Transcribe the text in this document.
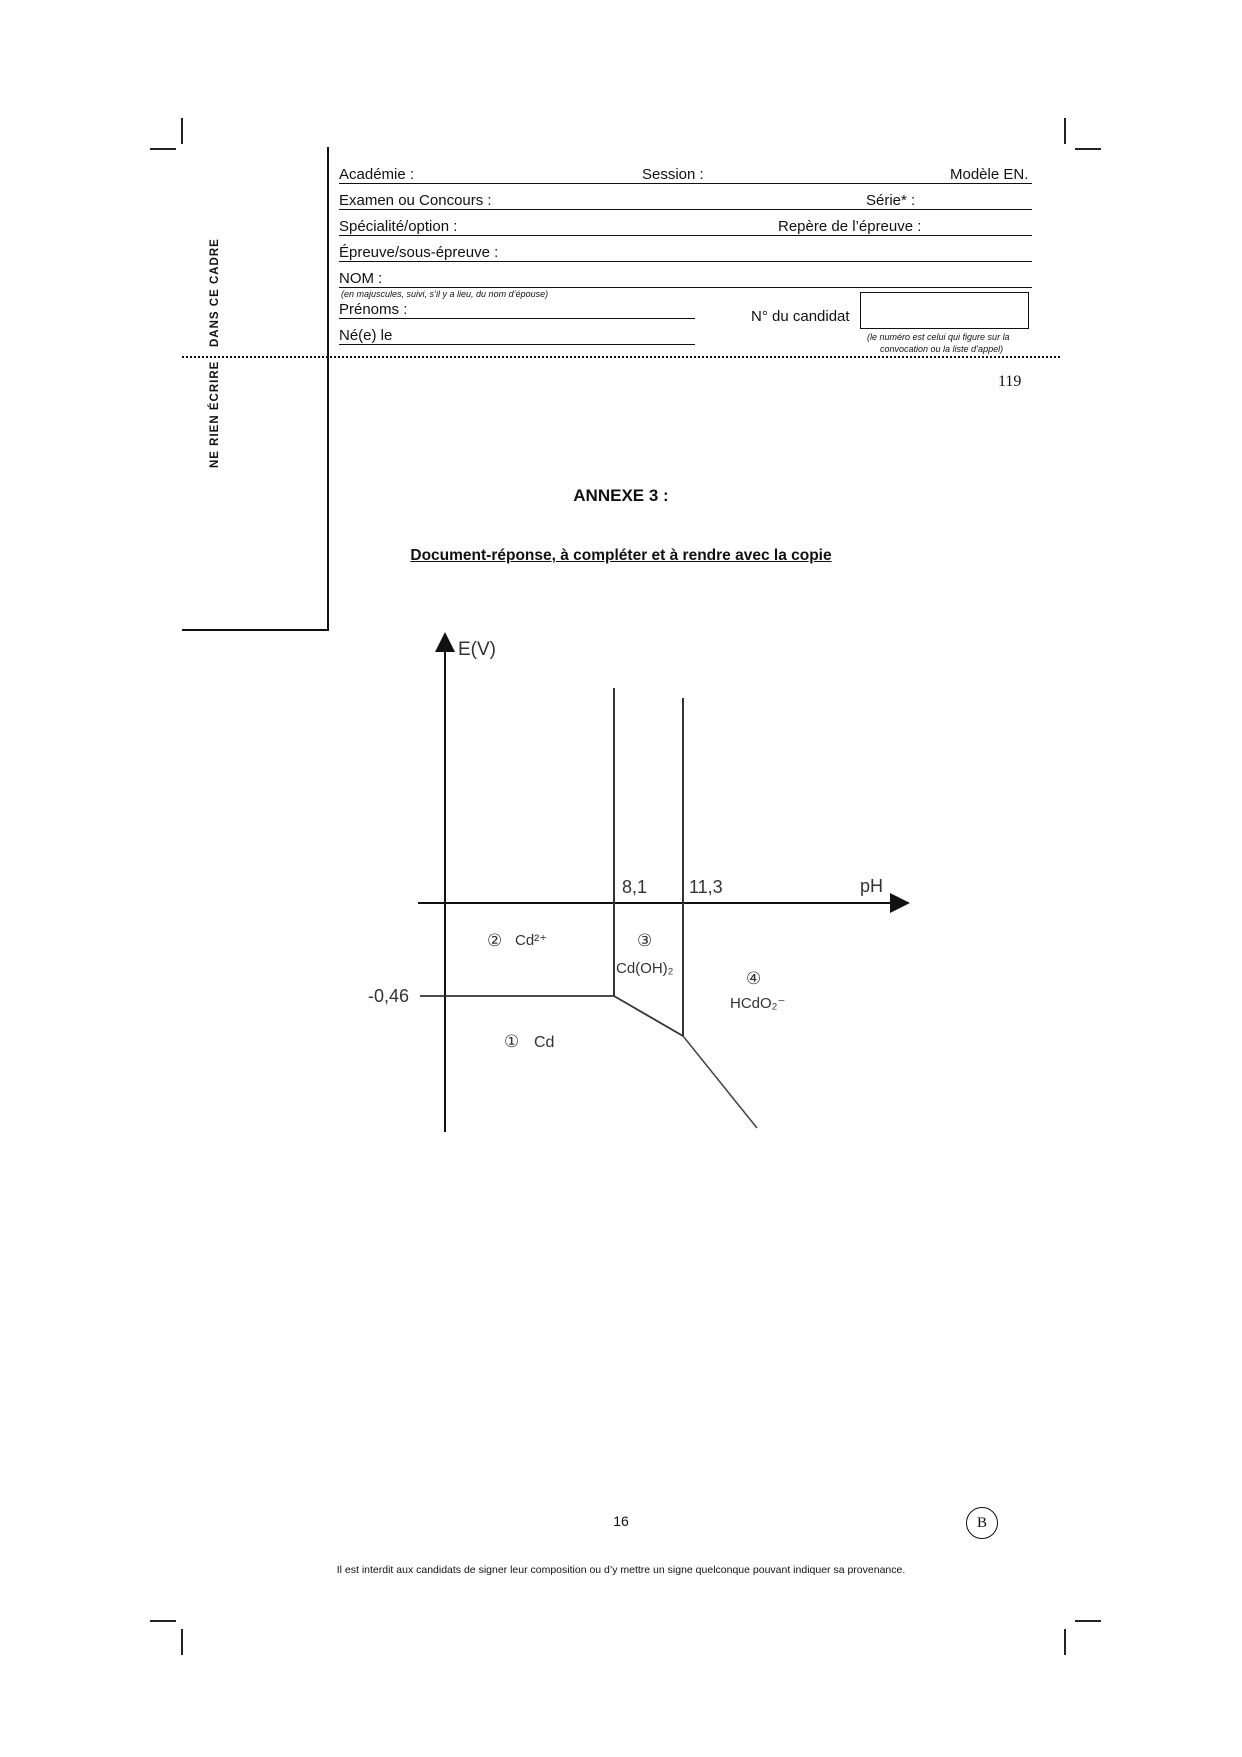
NE RIEN ÉCRIRE
DANS CE CADRE
Académie :	Session :	Modèle EN.
Examen ou Concours :	Série* :
Spécialité/option :	Repère de l’épreuve :
Épreuve/sous-épreuve :
NOM :
(en majuscules, suivi, s’il y a lieu, du nom d’épouse)
Prénoms :	N° du candidat
Né(e) le	(le numéro est celui qui figure sur la
convocation ou la liste d’appel)
119
ANNEXE 3 :
Document-réponse, à compléter et à rendre avec la copie
E(V)
pH
8,1 11,3
-0,46
② Cd²⁺	③
Cd(OH)₂
④
HCdO₂⁻
① Cd
16	B
Il est interdit aux candidats de signer leur composition ou d’y mettre un signe quelconque pouvant indiquer sa provenance.
